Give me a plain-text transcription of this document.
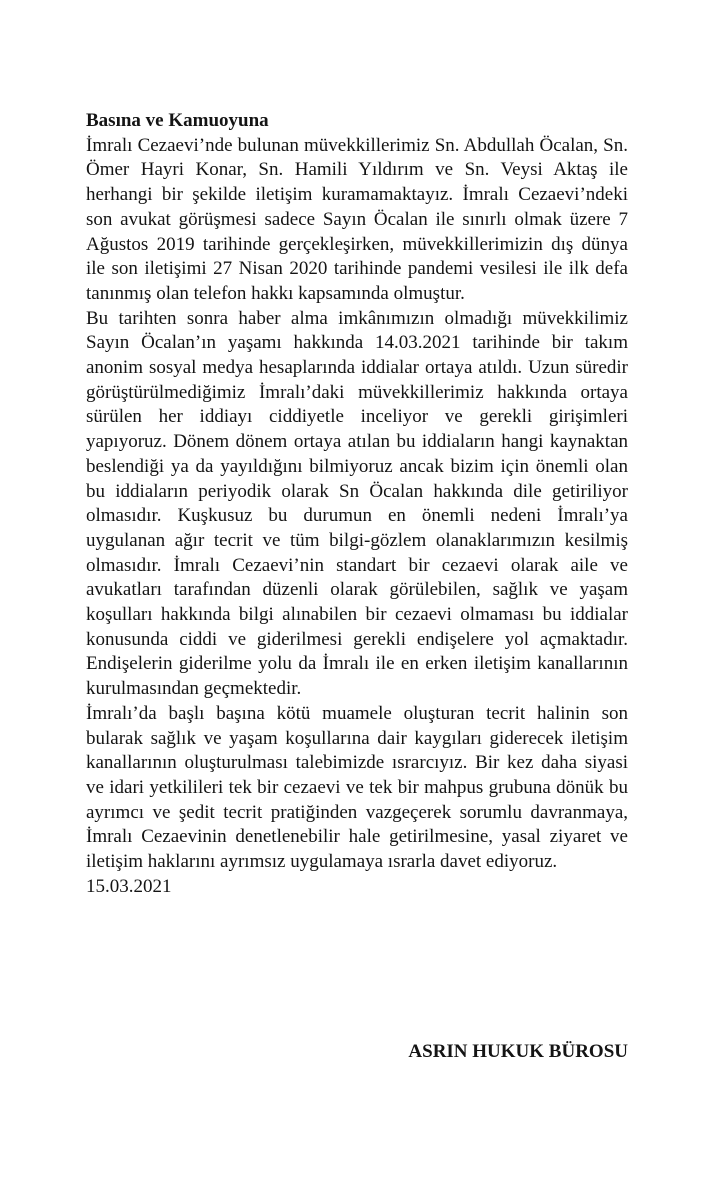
Basına ve Kamuoyuna

İmralı Cezaevi’nde bulunan müvekkillerimiz Sn. Abdullah Öcalan, Sn. Ömer Hayri Konar, Sn. Hamili Yıldırım ve Sn. Veysi Aktaş ile herhangi bir şekilde iletişim kuramamaktayız. İmralı Cezaevi’ndeki son avukat görüşmesi sadece Sayın Öcalan ile sınırlı olmak üzere 7 Ağustos 2019 tarihinde gerçekleşirken, müvekkillerimizin dış dünya ile son iletişimi 27 Nisan 2020 tarihinde pandemi vesilesi ile ilk defa tanınmış olan telefon hakkı kapsamında olmuştur.

Bu tarihten sonra haber alma imkânımızın olmadığı müvekkilimiz Sayın Öcalan’ın yaşamı hakkında 14.03.2021 tarihinde bir takım anonim sosyal medya hesaplarında iddialar ortaya atıldı. Uzun süredir görüştürülmediğimiz İmralı’daki müvekkillerimiz hakkında ortaya sürülen her iddiayı ciddiyetle inceliyor ve gerekli girişimleri yapıyoruz. Dönem dönem ortaya atılan bu iddiaların hangi kaynaktan beslendiği ya da yayıldığını bilmiyoruz ancak bizim için önemli olan bu iddiaların periyodik olarak Sn Öcalan hakkında dile getiriliyor olmasıdır. Kuşkusuz bu durumun en önemli nedeni İmralı’ya uygulanan ağır tecrit ve tüm bilgi-gözlem olanaklarımızın kesilmiş olmasıdır. İmralı Cezaevi’nin standart bir cezaevi olarak aile ve avukatları tarafından düzenli olarak görülebilen, sağlık ve yaşam koşulları hakkında bilgi alınabilen bir cezaevi olmaması bu iddialar konusunda ciddi ve giderilmesi gerekli endişelere yol açmaktadır. Endişelerin giderilme yolu da İmralı ile en erken iletişim kanallarının kurulmasından geçmektedir.

İmralı’da başlı başına kötü muamele oluşturan tecrit halinin son bularak sağlık ve yaşam koşullarına dair kaygıları giderecek iletişim kanallarının oluşturulması talebimizde ısrarcıyız. Bir kez daha siyasi ve idari yetkilileri tek bir cezaevi ve tek bir mahpus grubuna dönük bu ayrımcı ve şedit tecrit pratiğinden vazgeçerek sorumlu davranmaya, İmralı Cezaevinin denetlenebilir hale getirilmesine, yasal ziyaret ve iletişim haklarını ayrımsız uygulamaya ısrarla davet ediyoruz.

15.03.2021

ASRIN HUKUK BÜROSU
